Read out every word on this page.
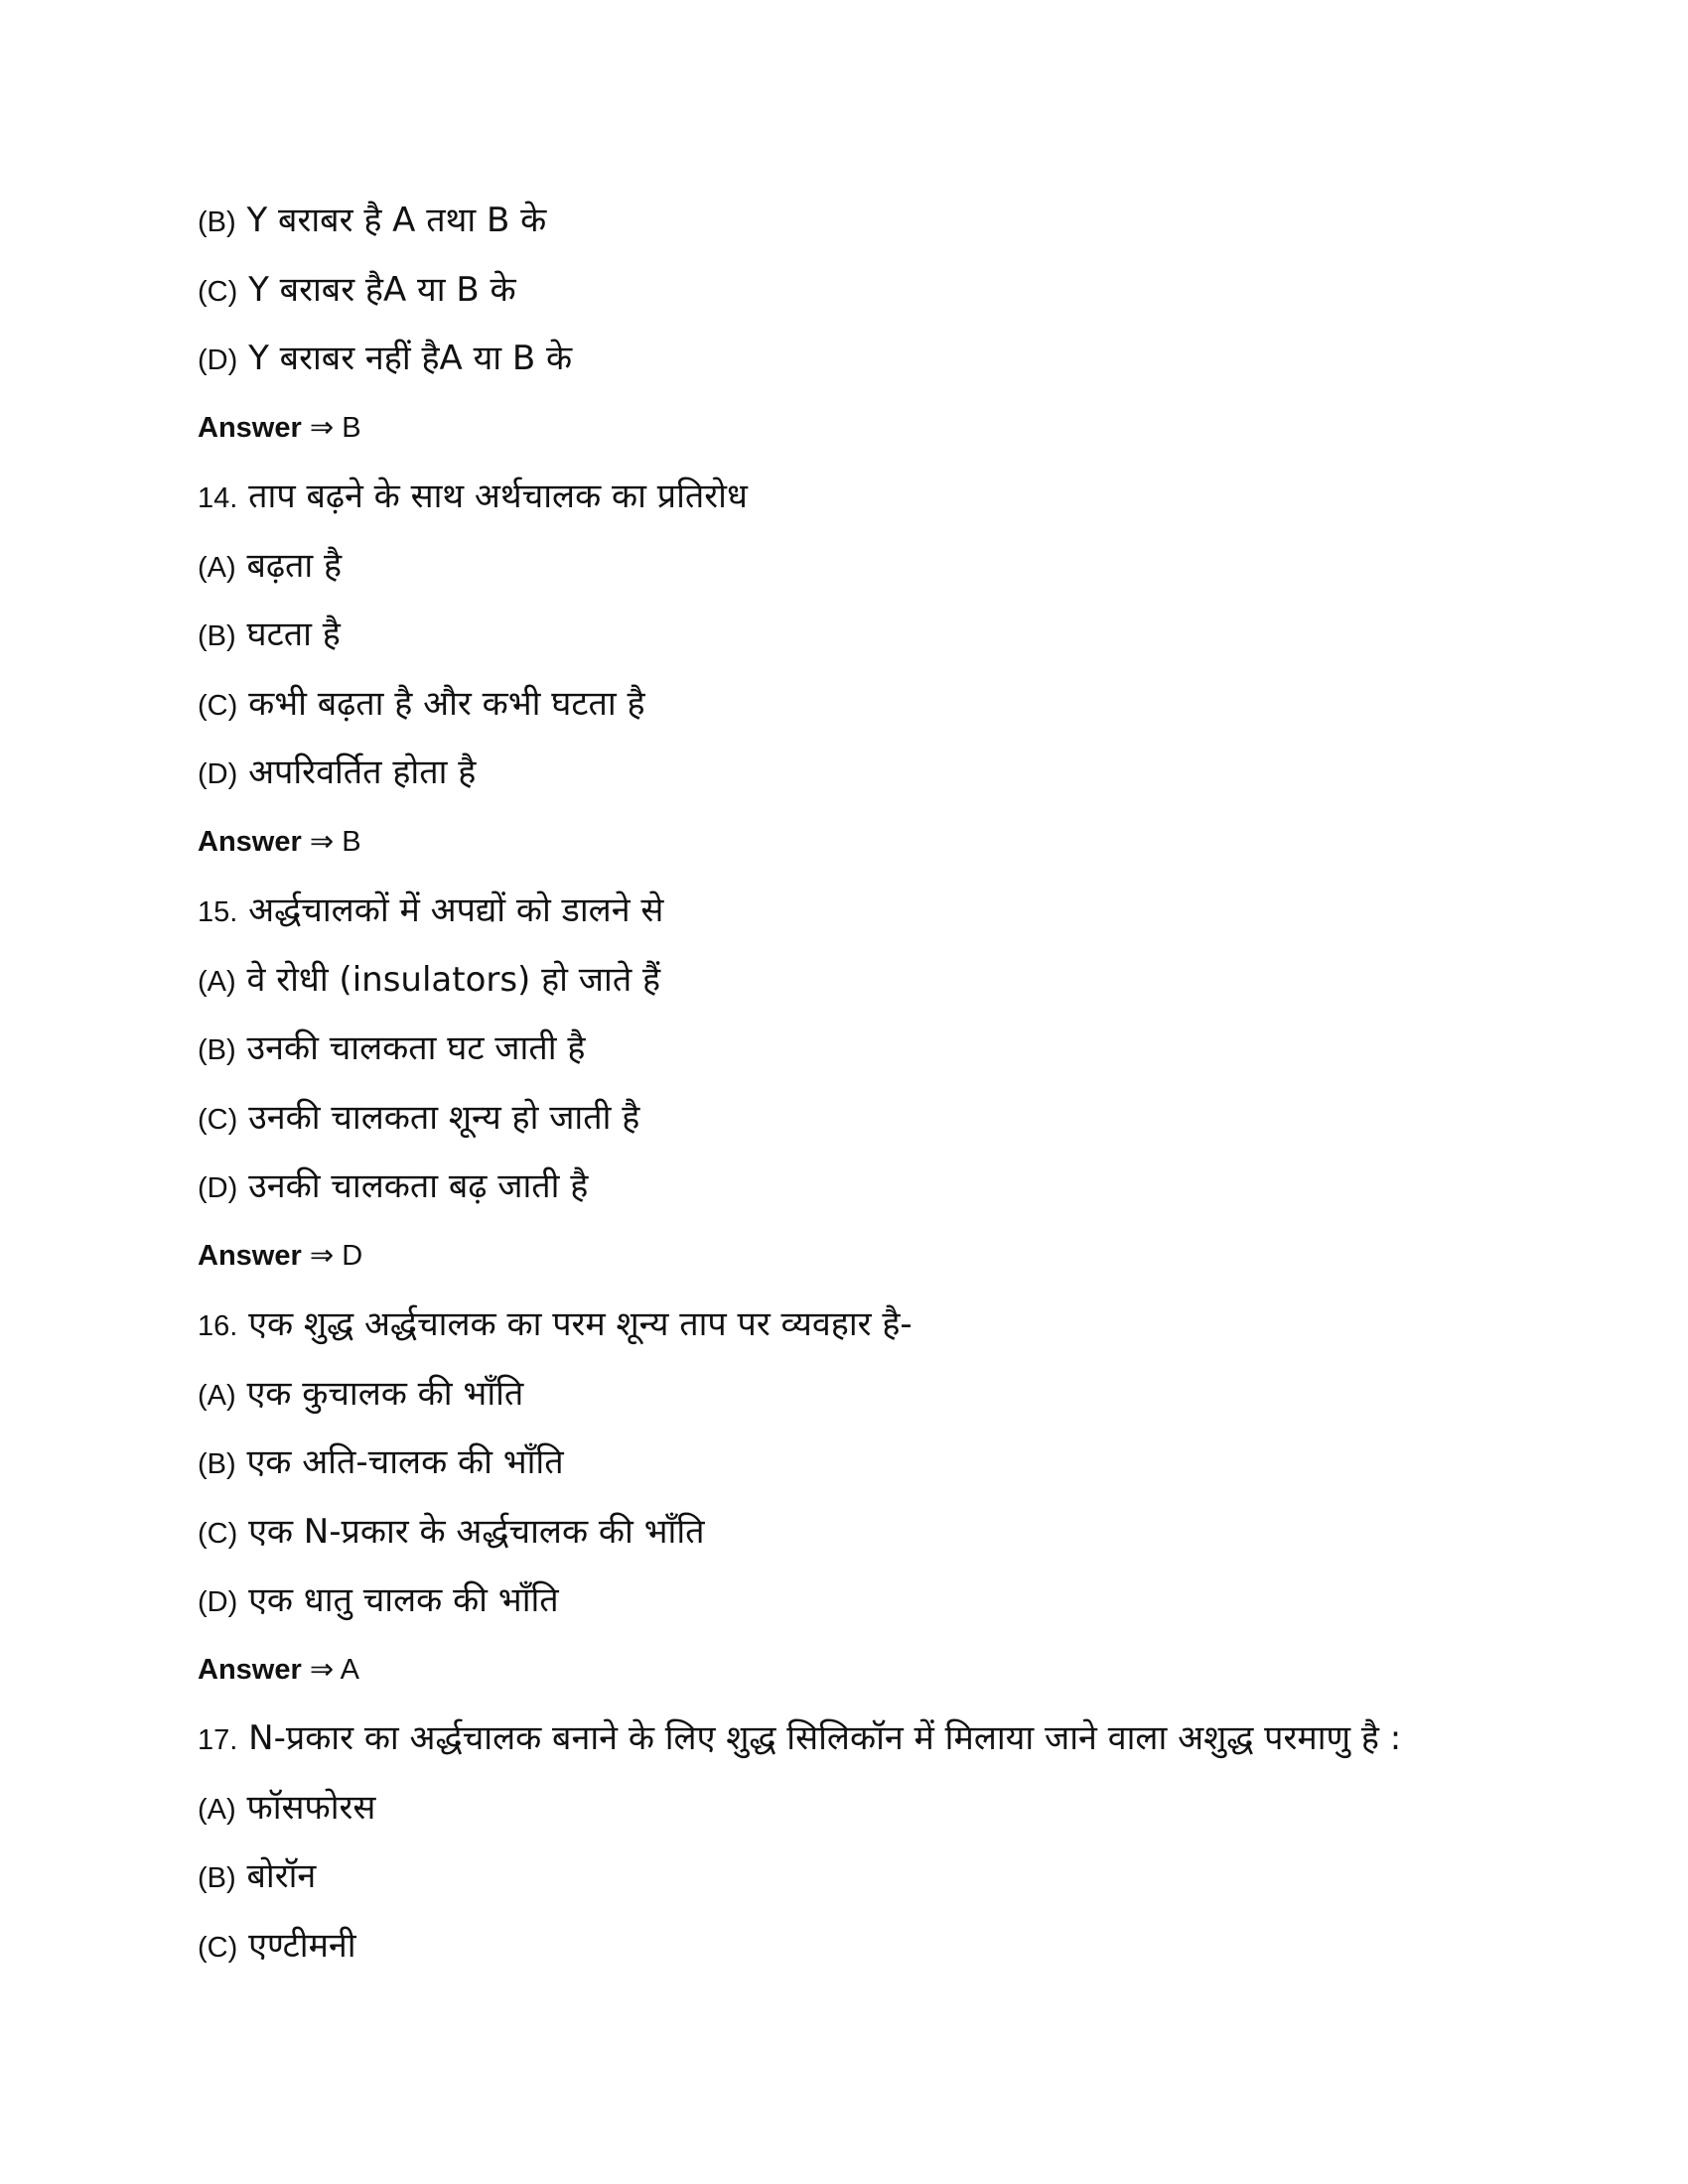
(B) Y बराबर है A तथा B के
(C) Y बराबर हैA या B के
(D) Y बराबर नहीं हैA या B के
Answer ⇒ B
14. ताप बढ़ने के साथ अर्थचालक का प्रतिरोध
(A) बढ़ता है
(B) घटता है
(C) कभी बढ़ता है और कभी घटता है
(D) अपरिवर्तित होता है
Answer ⇒ B
15. अर्द्धचालकों में अपद्यों को डालने से
(A) वे रोधी (insulators) हो जाते हैं
(B) उनकी चालकता घट जाती है
(C) उनकी चालकता शून्य हो जाती है
(D) उनकी चालकता बढ़ जाती है
Answer ⇒ D
16. एक शुद्ध अर्द्धचालक का परम शून्य ताप पर व्यवहार है-
(A) एक कुचालक की भाँति
(B) एक अति-चालक की भाँति
(C) एक N-प्रकार के अर्द्धचालक की भाँति
(D) एक धातु चालक की भाँति
Answer ⇒ A
17. N-प्रकार का अर्द्धचालक बनाने के लिए शुद्ध सिलिकॉन में मिलाया जाने वाला अशुद्ध परमाणु है :
(A) फॉसफोरस
(B) बोरॉन
(C) एण्टीमनी
